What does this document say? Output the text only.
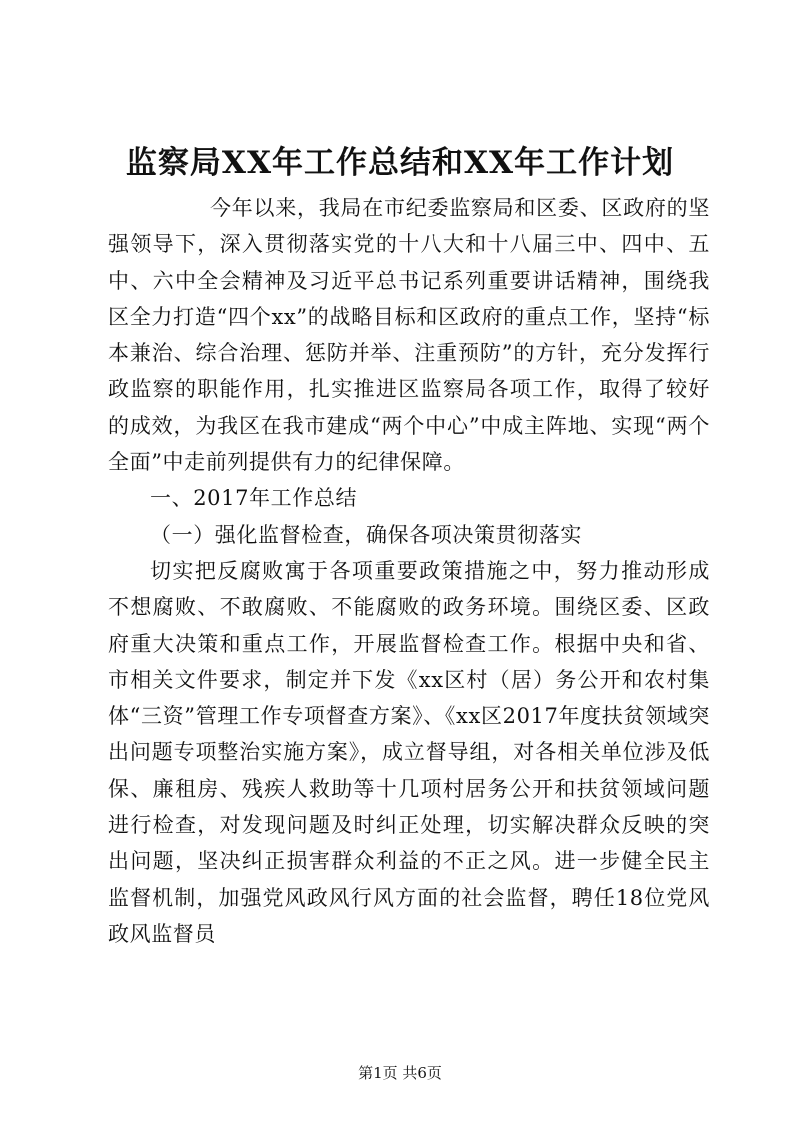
监察局XX年工作总结和XX年工作计划

今年以来，我局在市纪委监察局和区委、区政府的坚强领导下，深入贯彻落实党的十八大和十八届三中、四中、五中、六中全会精神及习近平总书记系列重要讲话精神，围绕我区全力打造“四个xx”的战略目标和区政府的重点工作，坚持“标本兼治、综合治理、惩防并举、注重预防”的方针，充分发挥行政监察的职能作用，扎实推进区监察局各项工作，取得了较好的成效，为我区在我市建成“两个中心”中成主阵地、实现“两个全面”中走前列提供有力的纪律保障。

一、2017年工作总结

（一）强化监督检查，确保各项决策贯彻落实

切实把反腐败寓于各项重要政策措施之中，努力推动形成不想腐败、不敢腐败、不能腐败的政务环境。围绕区委、区政府重大决策和重点工作，开展监督检查工作。根据中央和省、市相关文件要求，制定并下发《xx区村（居）务公开和农村集体“三资”管理工作专项督查方案》、《xx区2017年度扶贫领域突出问题专项整治实施方案》，成立督导组，对各相关单位涉及低保、廉租房、残疾人救助等十几项村居务公开和扶贫领域问题进行检查，对发现问题及时纠正处理，切实解决群众反映的突出问题，坚决纠正损害群众利益的不正之风。进一步健全民主监督机制，加强党风政风行风方面的社会监督，聘任18位党风政风监督员

第1页 共6页
